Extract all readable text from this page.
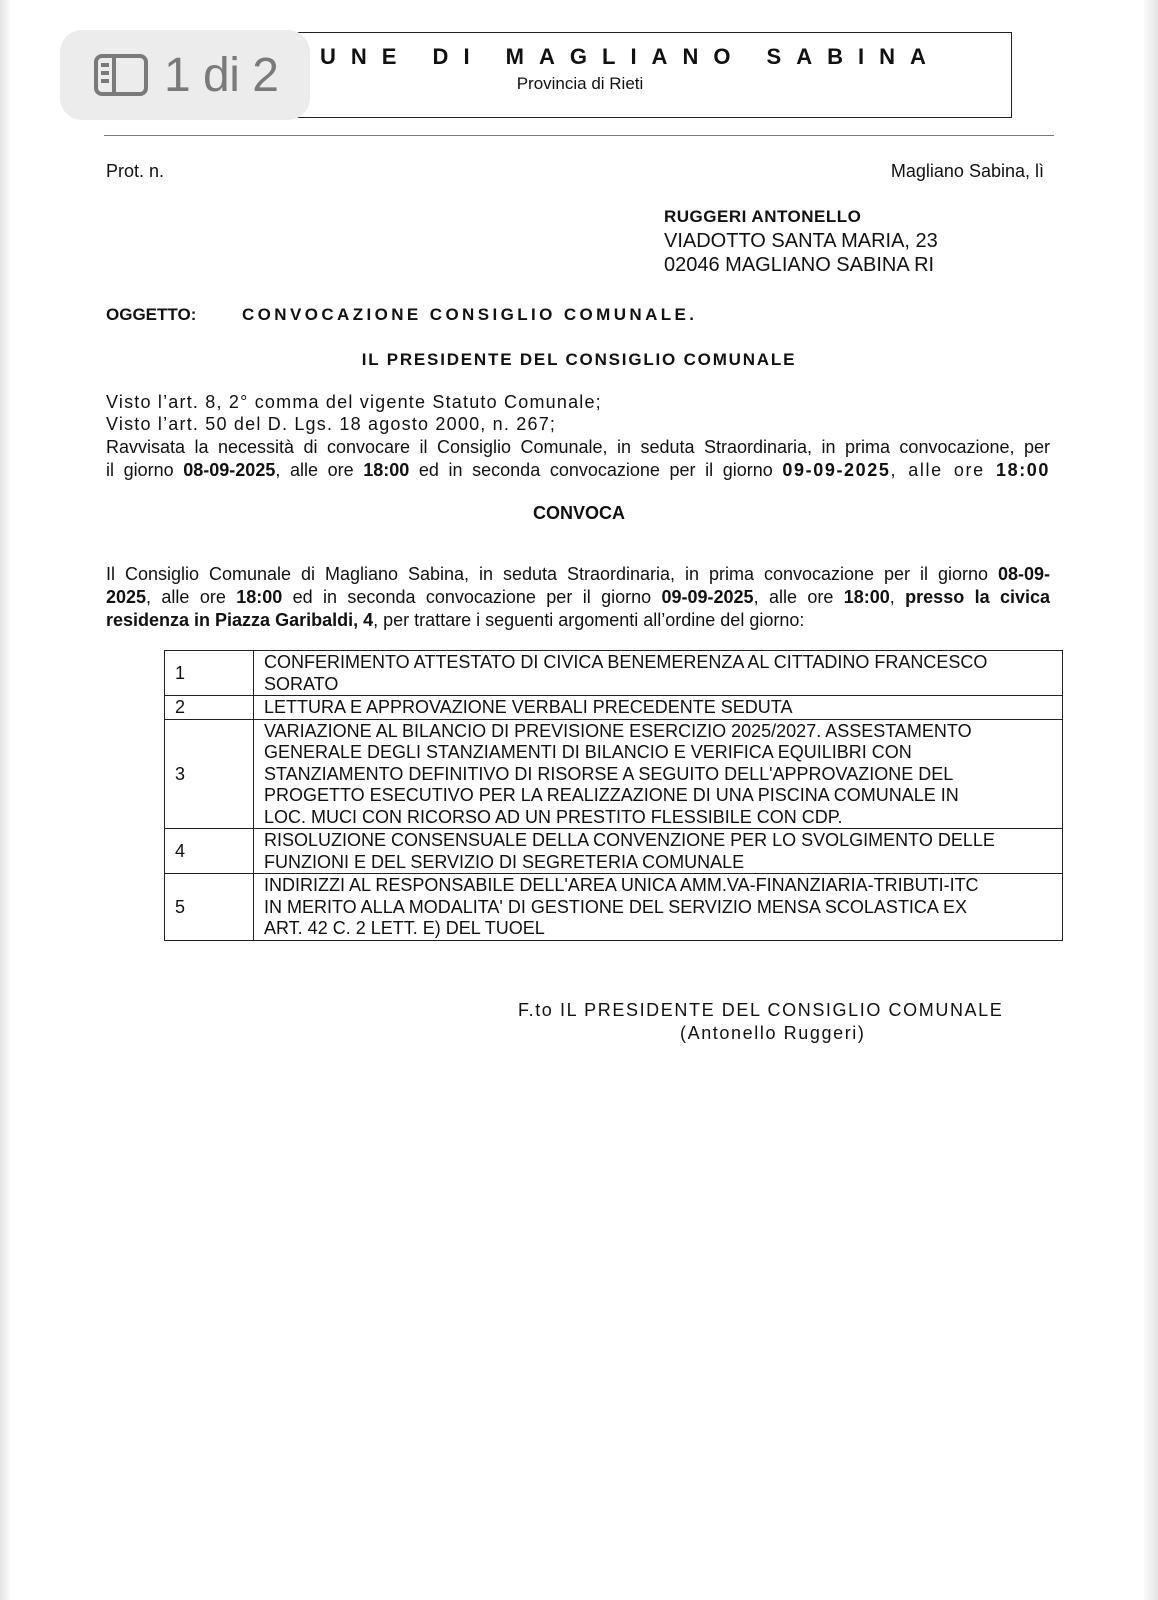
1 di 2 UNE DI MAGLIANO SABINA
Provincia di Rieti
Prot. n.	Magliano Sabina, lì
RUGGERI ANTONELLO
VIADOTTO SANTA MARIA, 23
02046 MAGLIANO SABINA RI
OGGETTO:	CONVOCAZIONE CONSIGLIO COMUNALE.
IL PRESIDENTE DEL CONSIGLIO COMUNALE
Visto l’art. 8, 2° comma del vigente Statuto Comunale;
Visto l’art. 50 del D. Lgs. 18 agosto 2000, n. 267;
Ravvisata la necessità di convocare il Consiglio Comunale, in seduta Straordinaria, in prima convocazione, per
il giorno 08-09-2025, alle ore 18:00 ed in seconda convocazione per il giorno 09-09-2025, alle ore 18:00
CONVOCA
Il Consiglio Comunale di Magliano Sabina, in seduta Straordinaria, in prima convocazione per il giorno 08-09-
2025, alle ore 18:00 ed in seconda convocazione per il giorno 09-09-2025, alle ore 18:00, presso la civica
residenza in Piazza Garibaldi, 4, per trattare i seguenti argomenti all’ordine del giorno:
1	CONFERIMENTO ATTESTATO DI CIVICA BENEMERENZA AL CITTADINO FRANCESCO
SORATO

2	LETTURA E APPROVAZIONE VERBALI PRECEDENTE SEDUTA

3	VARIAZIONE AL BILANCIO DI PREVISIONE ESERCIZIO 2025/2027. ASSESTAMENTO
GENERALE DEGLI STANZIAMENTI DI BILANCIO E VERIFICA EQUILIBRI CON
STANZIAMENTO DEFINITIVO DI RISORSE A SEGUITO DELL'APPROVAZIONE DEL
PROGETTO ESECUTIVO PER LA REALIZZAZIONE DI UNA PISCINA COMUNALE IN
LOC. MUCI CON RICORSO AD UN PRESTITO FLESSIBILE CON CDP.

4	RISOLUZIONE CONSENSUALE DELLA CONVENZIONE PER LO SVOLGIMENTO DELLE
FUNZIONI E DEL SERVIZIO DI SEGRETERIA COMUNALE

5	INDIRIZZI AL RESPONSABILE DELL'AREA UNICA AMM.VA-FINANZIARIA-TRIBUTI-ITC
IN MERITO ALLA MODALITA' DI GESTIONE DEL SERVIZIO MENSA SCOLASTICA EX
ART. 42 C. 2 LETT. E) DEL TUOEL
F.to IL PRESIDENTE DEL CONSIGLIO COMUNALE
(Antonello Ruggeri)
